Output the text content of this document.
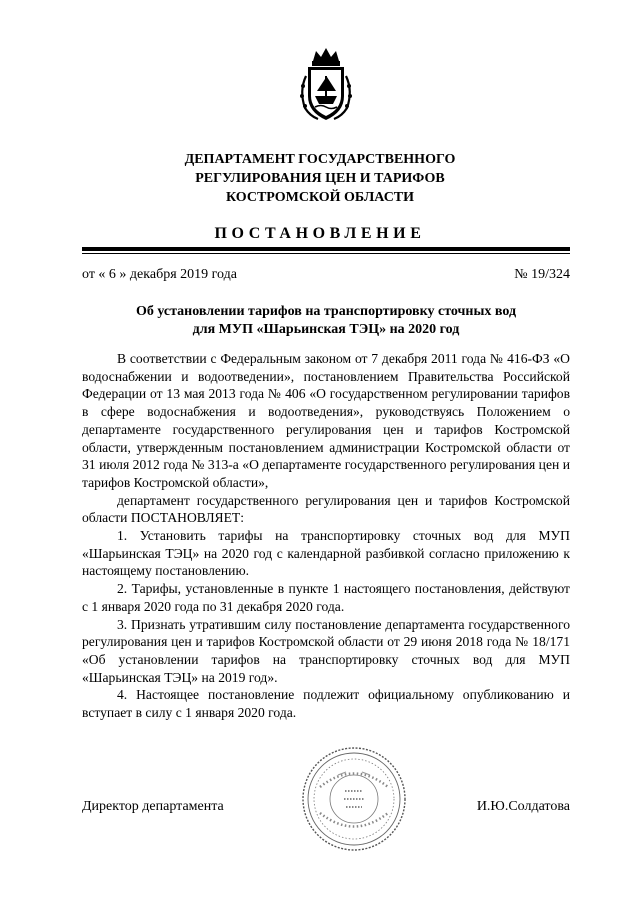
ДЕПАРТАМЕНТ ГОСУДАРСТВЕННОГО
РЕГУЛИРОВАНИЯ ЦЕН И ТАРИФОВ
КОСТРОМСКОЙ ОБЛАСТИ
ПОСТАНОВЛЕНИЕ
от « 6 » декабря 2019 года	№ 19/324
Об установлении тарифов на транспортировку сточных вод
для МУП «Шарьинская ТЭЦ» на 2020 год

В соответствии с Федеральным законом от 7 декабря 2011 года № 416-ФЗ «О водоснабжении и водоотведении», постановлением Правительства Российской Федерации от 13 мая 2013 года № 406 «О государственном регулировании тарифов в сфере водоснабжения и водоотведения», руководствуясь Положением о департаменте государственного регулирования цен и тарифов Костромской области, утвержденным постановлением администрации Костромской области от 31 июля 2012 года № 313-а «О департаменте государственного регулирования цен и тарифов Костромской области»,

департамент государственного регулирования цен и тарифов Костромской области ПОСТАНОВЛЯЕТ:

1. Установить тарифы на транспортировку сточных вод для МУП «Шарьинская ТЭЦ» на 2020 год с календарной разбивкой согласно приложению к настоящему постановлению.

2. Тарифы, установленные в пункте 1 настоящего постановления, действуют с 1 января 2020 года по 31 декабря 2020 года.

3. Признать утратившим силу постановление департамента государственного регулирования цен и тарифов Костромской области от 29 июня 2018 года № 18/171 «Об установлении тарифов на транспортировку сточных вод для МУП «Шарьинская ТЭЦ» на 2019 год».

4. Настоящее постановление подлежит официальному опубликованию и вступает в силу с 1 января 2020 года.

Директор департамента	И.Ю.Солдатова
